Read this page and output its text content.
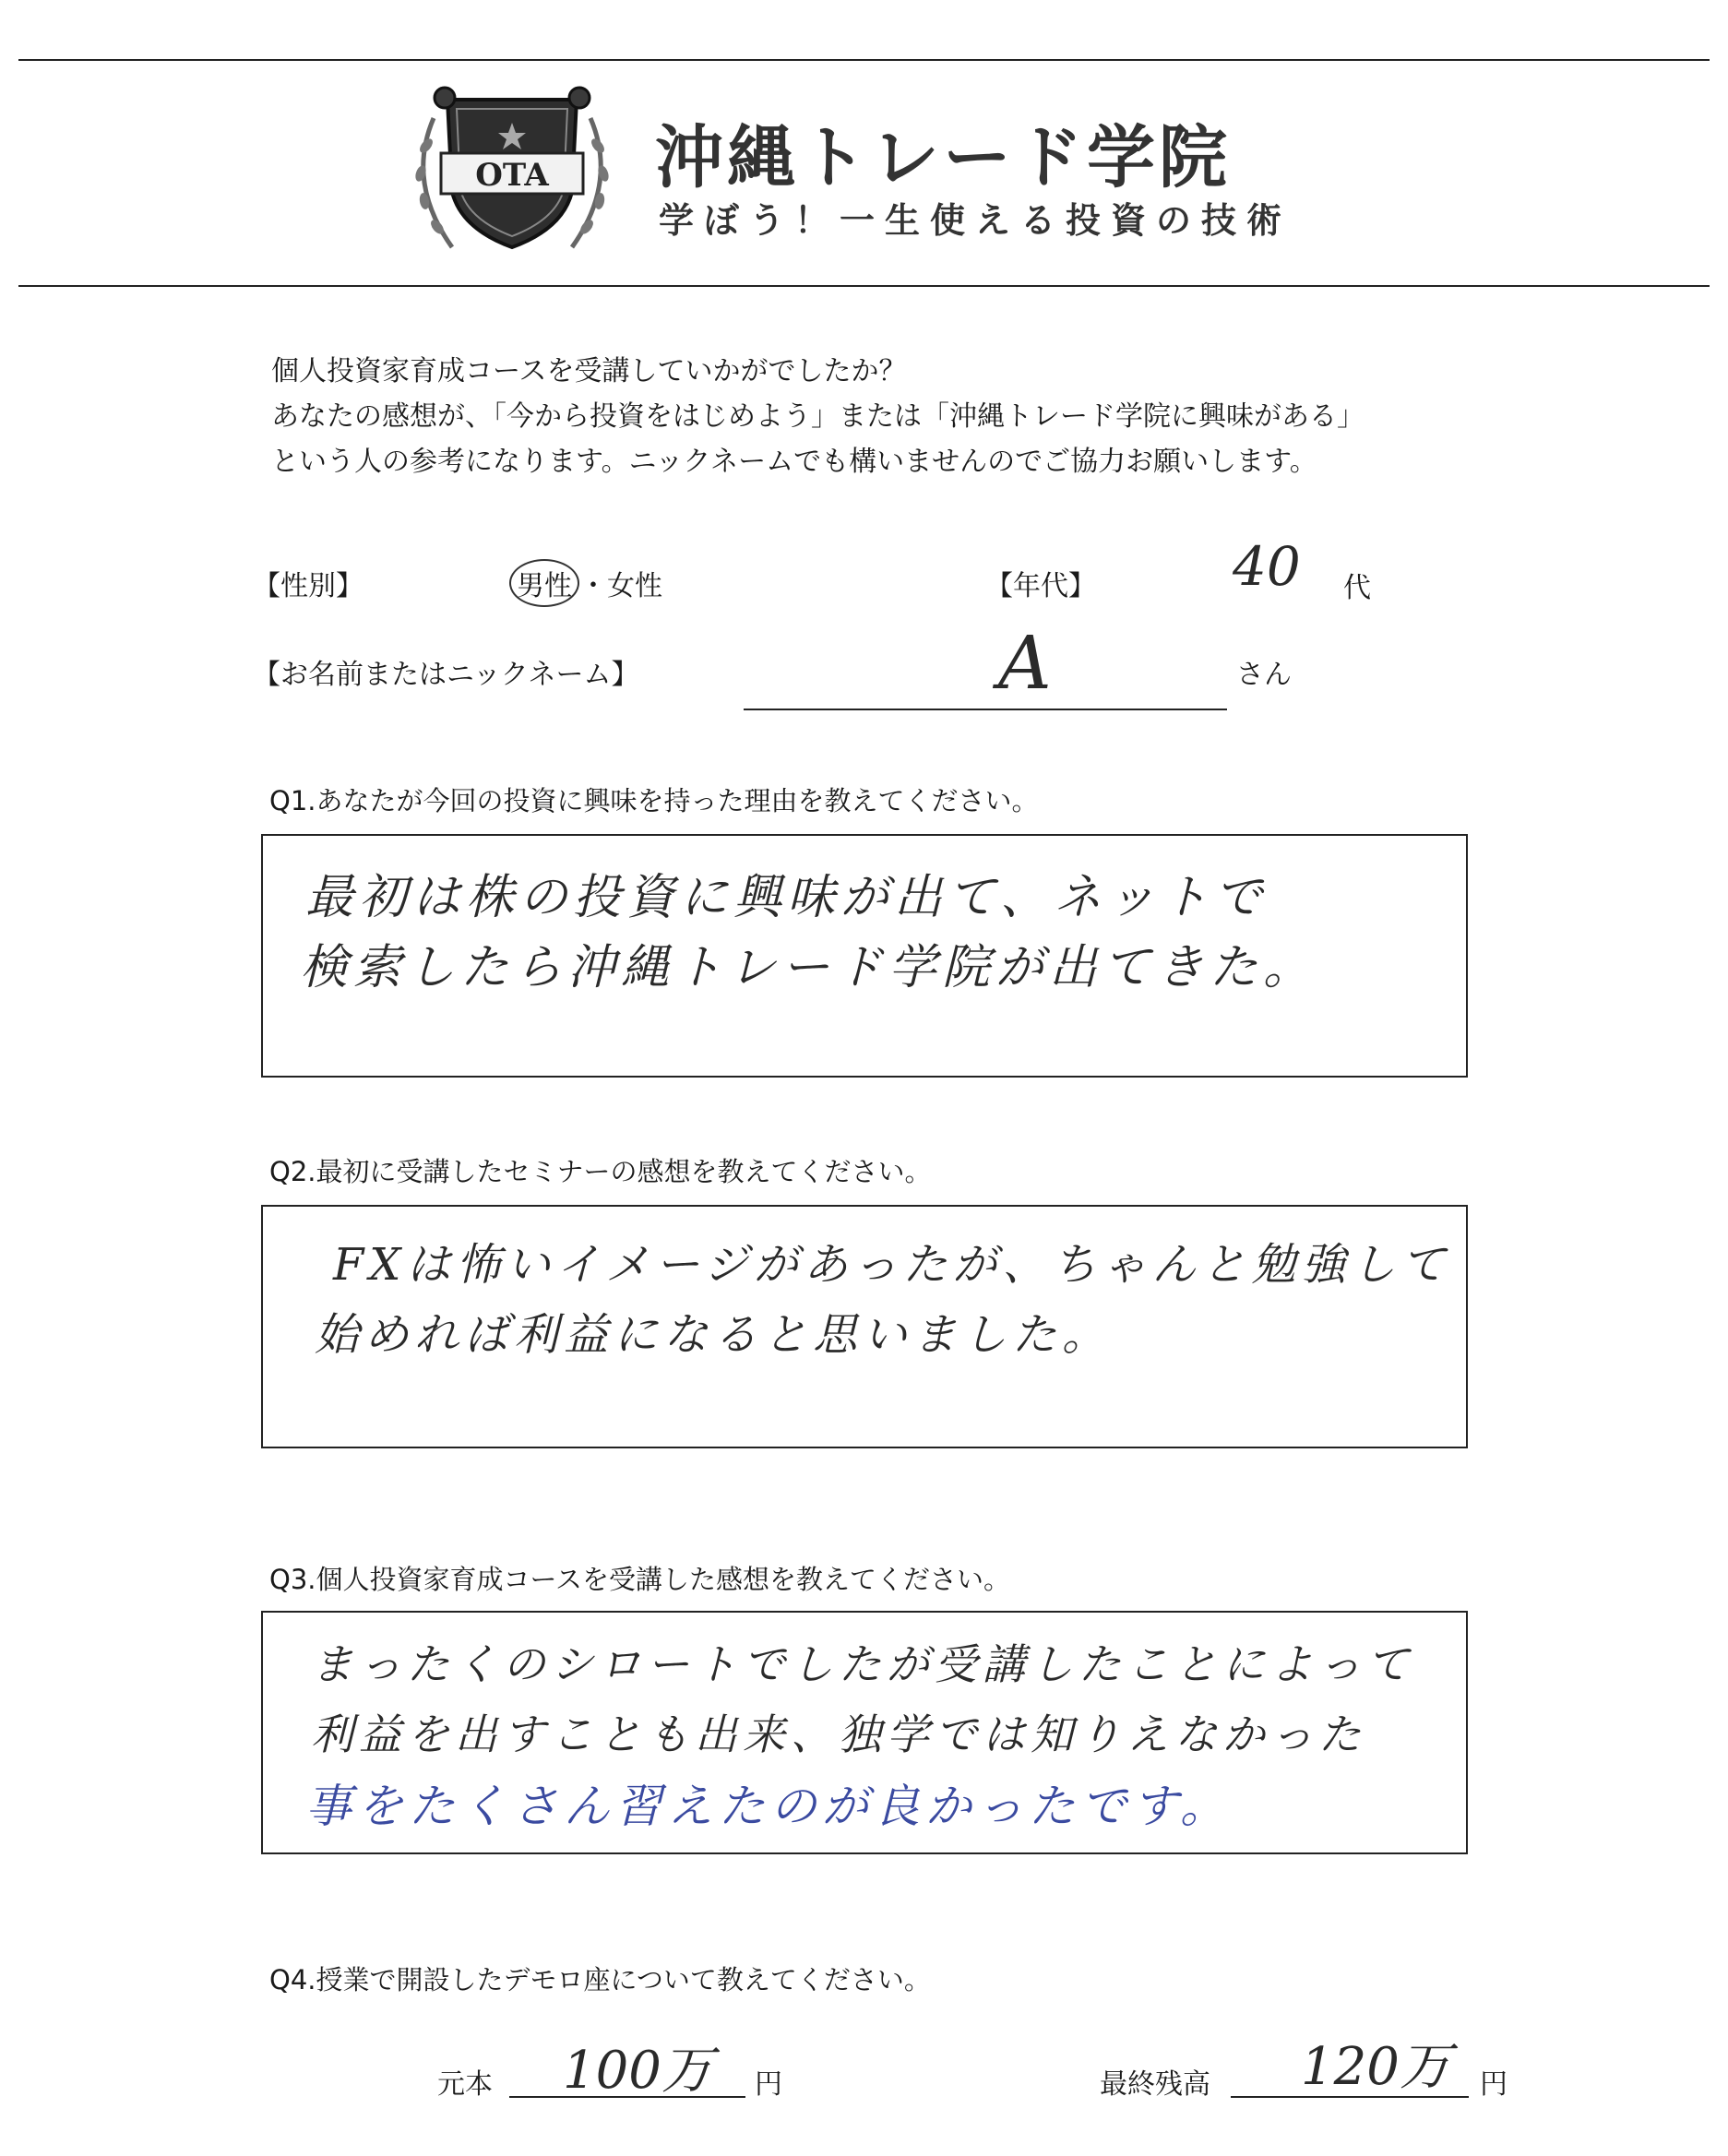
OTA 沖縄トレード学院
学ぼう！一生使える投資の技術
個人投資家育成コースを受講していかがでしたか？
あなたの感想が、「今から投資をはじめよう」または「沖縄トレード学院に興味がある」
という人の参考になります。ニックネームでも構いませんのでご協力お願いします。
【性別】	男性 ・女性	【年代】	40 代
【お名前またはニックネーム】	A	さん
Q1.あなたが今回の投資に興味を持った理由を教えてください。
最初は株の投資に興味が出て、ネットで
検索したら沖縄トレード学院が出てきた。
Q2.最初に受講したセミナーの感想を教えてください。
FXは怖いイメージがあったが、ちゃんと勉強して
始めれば利益になると思いました。
Q3.個人投資家育成コースを受講した感想を教えてください。
まったくのシロートでしたが受講したことによって
利益を出すことも出来、独学では知りえなかった
事をたくさん習えたのが良かったです。
Q4.授業で開設したデモロ座について教えてください。
元本 100万 円	最終残高 120万 円
